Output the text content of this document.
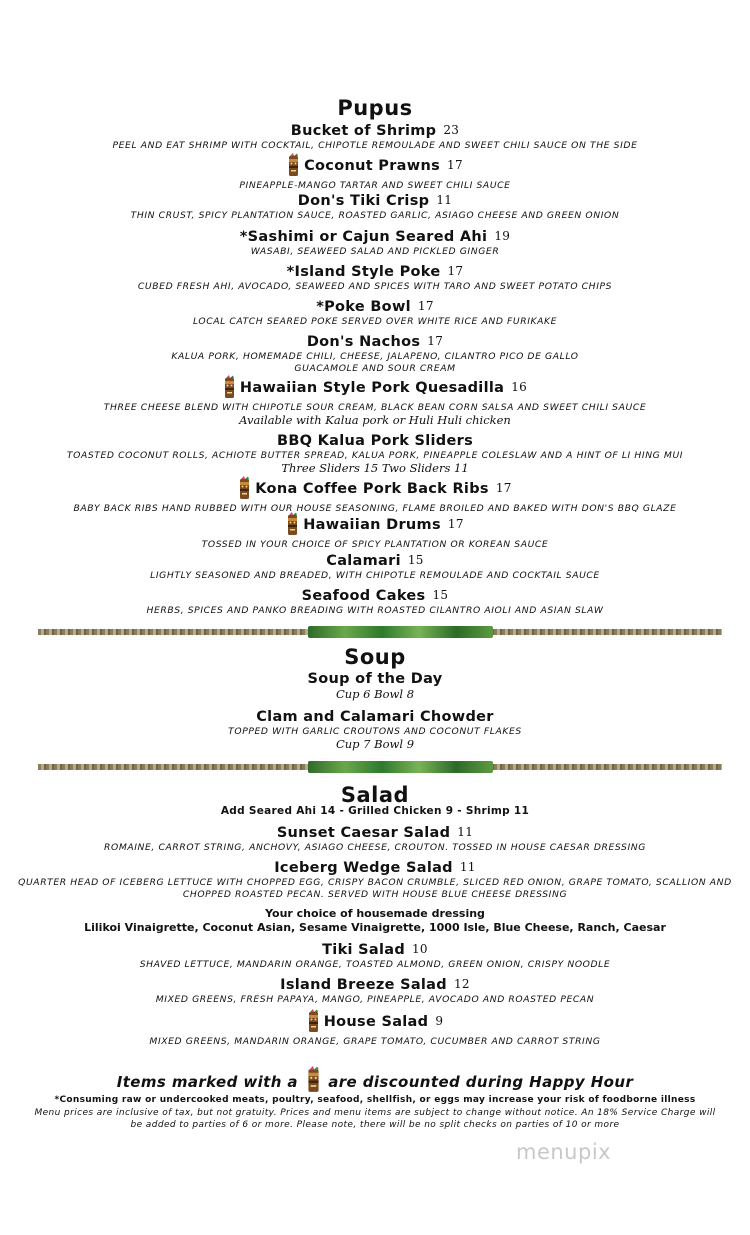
Pupus
Bucket of Shrimp 23
PEEL AND EAT SHRIMP WITH COCKTAIL, CHIPOTLE REMOULADE AND SWEET CHILI SAUCE ON THE SIDE
Coconut Prawns 17
PINEAPPLE-MANGO TARTAR AND SWEET CHILI SAUCE
Don's Tiki Crisp 11
THIN CRUST, SPICY PLANTATION SAUCE, ROASTED GARLIC, ASIAGO CHEESE AND GREEN ONION
*Sashimi or Cajun Seared Ahi 19
WASABI, SEAWEED SALAD AND PICKLED GINGER
*Island Style Poke 17
CUBED FRESH AHI, AVOCADO, SEAWEED AND SPICES WITH TARO AND SWEET POTATO CHIPS
*Poke Bowl 17
LOCAL CATCH SEARED POKE SERVED OVER WHITE RICE AND FURIKAKE
Don's Nachos 17
KALUA PORK, HOMEMADE CHILI, CHEESE, JALAPENO, CILANTRO PICO DE GALLO
GUACAMOLE AND SOUR CREAM
Hawaiian Style Pork Quesadilla 16
THREE CHEESE BLEND WITH CHIPOTLE SOUR CREAM, BLACK BEAN CORN SALSA AND SWEET CHILI SAUCE
Available with Kalua pork or Huli Huli chicken
BBQ Kalua Pork Sliders
TOASTED COCONUT ROLLS, ACHIOTE BUTTER SPREAD, KALUA PORK, PINEAPPLE COLESLAW AND A HINT OF LI HING MUI
Three Sliders 15 Two Sliders 11
Kona Coffee Pork Back Ribs 17
BABY BACK RIBS HAND RUBBED WITH OUR HOUSE SEASONING, FLAME BROILED AND BAKED WITH DON'S BBQ GLAZE
Hawaiian Drums 17
TOSSED IN YOUR CHOICE OF SPICY PLANTATION OR KOREAN SAUCE
Calamari 15
LIGHTLY SEASONED AND BREADED, WITH CHIPOTLE REMOULADE AND COCKTAIL SAUCE
Seafood Cakes 15
HERBS, SPICES AND PANKO BREADING WITH ROASTED CILANTRO AIOLI AND ASIAN SLAW
Soup
Soup of the Day
Cup 6 Bowl 8
Clam and Calamari Chowder
TOPPED WITH GARLIC CROUTONS AND COCONUT FLAKES
Cup 7 Bowl 9
Salad
Add Seared Ahi 14 - Grilled Chicken 9 - Shrimp 11
Sunset Caesar Salad 11
ROMAINE, CARROT STRING, ANCHOVY, ASIAGO CHEESE, CROUTON. TOSSED IN HOUSE CAESAR DRESSING
Iceberg Wedge Salad 11
QUARTER HEAD OF ICEBERG LETTUCE WITH CHOPPED EGG, CRISPY BACON CRUMBLE, SLICED RED ONION, GRAPE TOMATO, SCALLION AND
CHOPPED ROASTED PECAN. SERVED WITH HOUSE BLUE CHEESE DRESSING
Your choice of housemade dressing
Lilikoi Vinaigrette, Coconut Asian, Sesame Vinaigrette, 1000 Isle, Blue Cheese, Ranch, Caesar
Tiki Salad 10
SHAVED LETTUCE, MANDARIN ORANGE, TOASTED ALMOND, GREEN ONION, CRISPY NOODLE
Island Breeze Salad 12
MIXED GREENS, FRESH PAPAYA, MANGO, PINEAPPLE, AVOCADO AND ROASTED PECAN
House Salad 9
MIXED GREENS, MANDARIN ORANGE, GRAPE TOMATO, CUCUMBER AND CARROT STRING
Items marked with a are discounted during Happy Hour
*Consuming raw or undercooked meats, poultry, seafood, shellfish, or eggs may increase your risk of foodborne illness
Menu prices are inclusive of tax, but not gratuity. Prices and menu items are subject to change without notice. An 18% Service Charge will be added to parties of 6 or more. Please note, there will be no split checks on parties of 10 or more
menupix
